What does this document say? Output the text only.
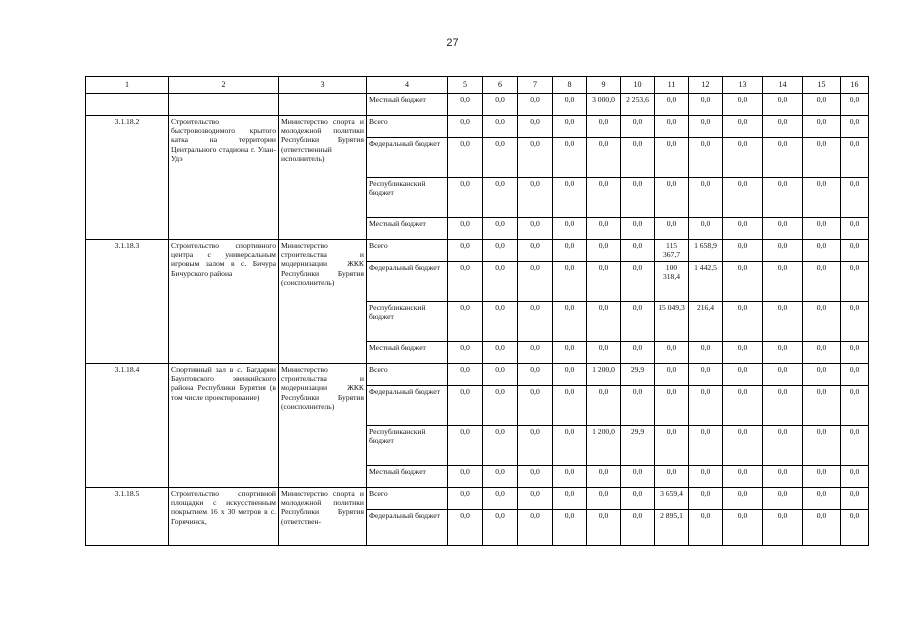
27
1	2	3	4	5	6	7	8	9	10	11	12	13	14	15	16
			Местный бюджет	0,0	0,0	0,0	0,0	3 000,0	2 253,6	0,0	0,0	0,0	0,0	0,0	0,0
3.1.18.2	Строительство быстровозводимого крытого катка на территории Центрального стадиона г. Улан-Удэ	Министерство спорта и молодежной политики Республики Бурятия (ответственный исполнитель)	Всего	0,0	0,0	0,0	0,0	0,0	0,0	0,0	0,0	0,0	0,0	0,0	0,0
			Федеральный бюджет	0,0	0,0	0,0	0,0	0,0	0,0	0,0	0,0	0,0	0,0	0,0	0,0
			Республиканский бюджет	0,0	0,0	0,0	0,0	0,0	0,0	0,0	0,0	0,0	0,0	0,0	0,0
			Местный бюджет	0,0	0,0	0,0	0,0	0,0	0,0	0,0	0,0	0,0	0,0	0,0	0,0
3.1.18.3	Строительство спортивного центра с универсальным игровым залом в с. Бичура Бичурского района	Министерство строительства и модернизации ЖКК Республики Бурятия (соисполнитель)	Всего	0,0	0,0	0,0	0,0	0,0	0,0	115 367,7	1 658,9	0,0	0,0	0,0	0,0
			Федеральный бюджет	0,0	0,0	0,0	0,0	0,0	0,0	100 318,4	1 442,5	0,0	0,0	0,0	0,0
			Республиканский бюджет	0,0	0,0	0,0	0,0	0,0	0,0	15 049,3	216,4	0,0	0,0	0,0	0,0
			Местный бюджет	0,0	0,0	0,0	0,0	0,0	0,0	0,0	0,0	0,0	0,0	0,0	0,0
3.1.18.4	Спортивный зал в с. Багдарин Баунтовского эвенкийского района Республики Бурятия (в том числе проектирование)	Министерство строительства и модернизации ЖКК Республики Бурятия (соисполнитель)	Всего	0,0	0,0	0,0	0,0	1 200,0	29,9	0,0	0,0	0,0	0,0	0,0	0,0
			Федеральный бюджет	0,0	0,0	0,0	0,0	0,0	0,0	0,0	0,0	0,0	0,0	0,0	0,0
			Республиканский бюджет	0,0	0,0	0,0	0,0	1 200,0	29,9	0,0	0,0	0,0	0,0	0,0	0,0
			Местный бюджет	0,0	0,0	0,0	0,0	0,0	0,0	0,0	0,0	0,0	0,0	0,0	0,0
3.1.18.5	Строительство спортивной площадки с искусственным покрытием 16 х 30 метров в с. Горячинск,	Министерство спорта и молодежной политики Республики Бурятия (ответствен-	Всего	0,0	0,0	0,0	0,0	0,0	0,0	3 659,4	0,0	0,0	0,0	0,0	0,0
			Федеральный бюджет	0,0	0,0	0,0	0,0	0,0	0,0	2 895,1	0,0	0,0	0,0	0,0	0,0
